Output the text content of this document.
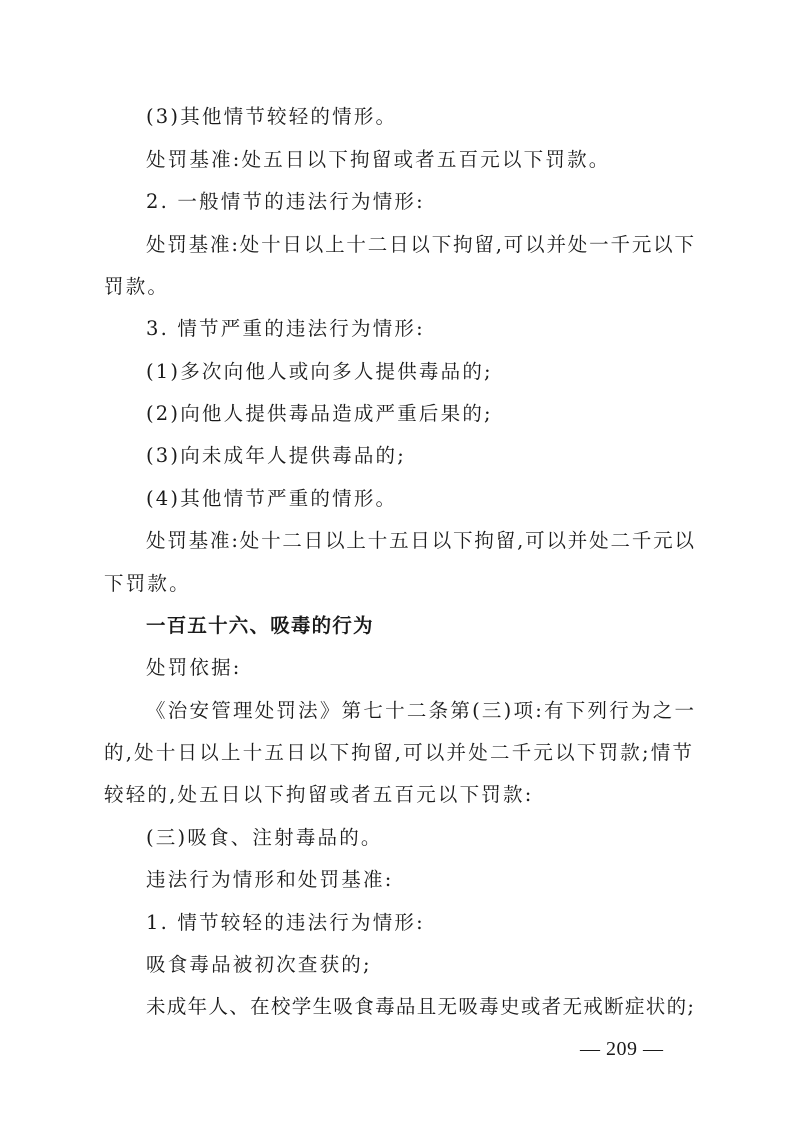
(3)其他情节较轻的情形。
处罚基准:处五日以下拘留或者五百元以下罚款。
2. 一般情节的违法行为情形:
处罚基准:处十日以上十二日以下拘留,可以并处一千元以下
罚款。
3. 情节严重的违法行为情形:
(1)多次向他人或向多人提供毒品的;
(2)向他人提供毒品造成严重后果的;
(3)向未成年人提供毒品的;
(4)其他情节严重的情形。
处罚基准:处十二日以上十五日以下拘留,可以并处二千元以
下罚款。
一百五十六、吸毒的行为
处罚依据:
《治安管理处罚法》第七十二条第(三)项:有下列行为之一
的,处十日以上十五日以下拘留,可以并处二千元以下罚款;情节
较轻的,处五日以下拘留或者五百元以下罚款:
(三)吸食、注射毒品的。
违法行为情形和处罚基准:
1. 情节较轻的违法行为情形:
吸食毒品被初次查获的;
未成年人、在校学生吸食毒品且无吸毒史或者无戒断症状的;
— 209 —
